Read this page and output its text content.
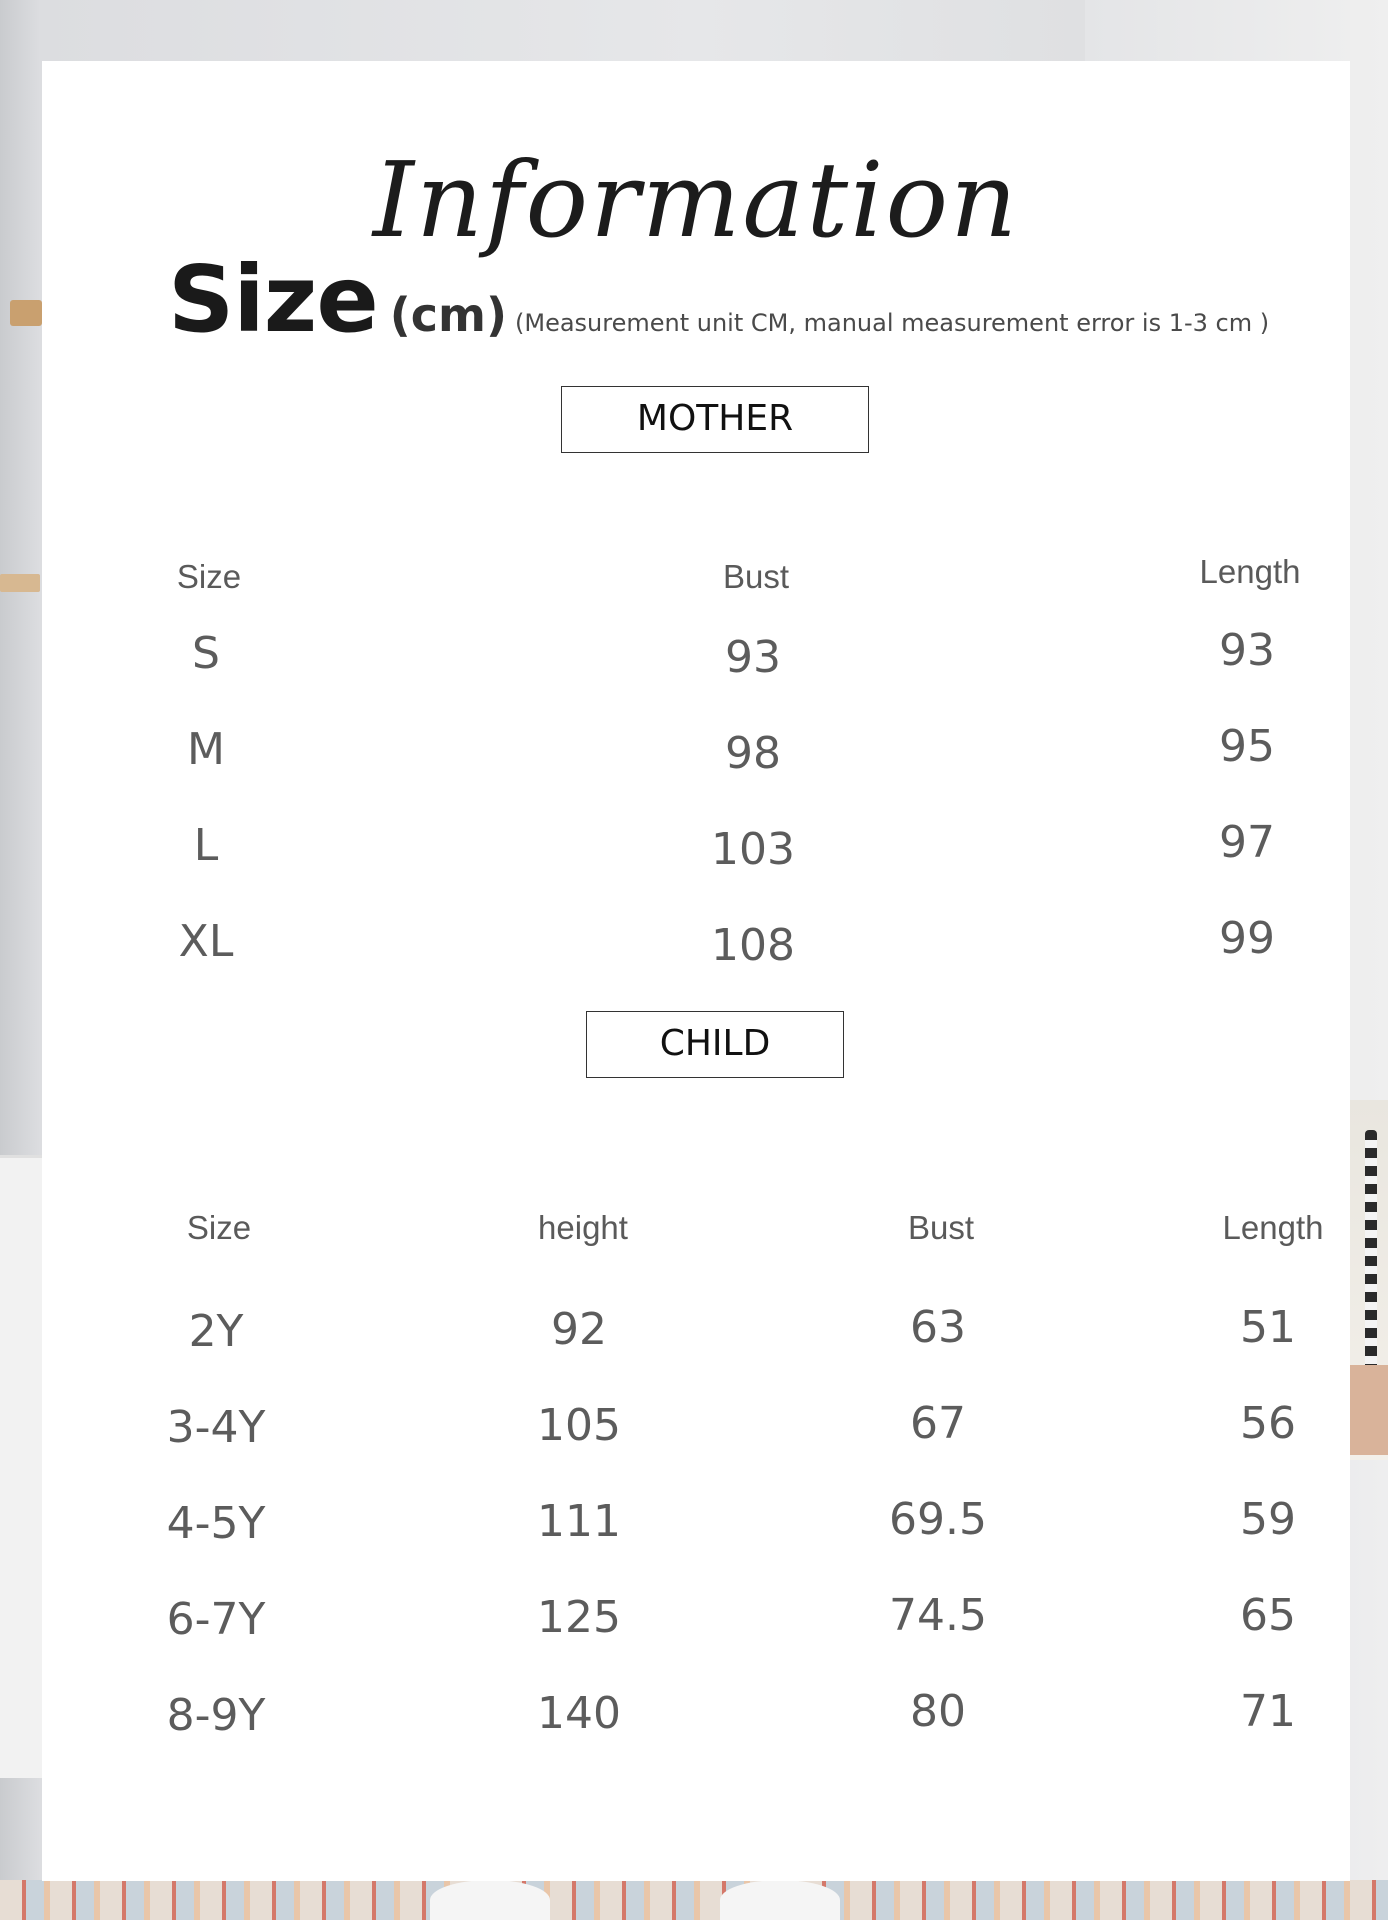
Information
Size (cm) (Measurement unit CM, manual measurement error is 1-3 cm )
MOTHER
Size	Bust	Length
S	93	93
M	98	95
L	103	97
XL	108	99
CHILD
Size	height	Bust	Length
2Y	92	63	51
3-4Y	105	67	56
4-5Y	111	69.5	59
6-7Y	125	74.5	65
8-9Y	140	80	71
